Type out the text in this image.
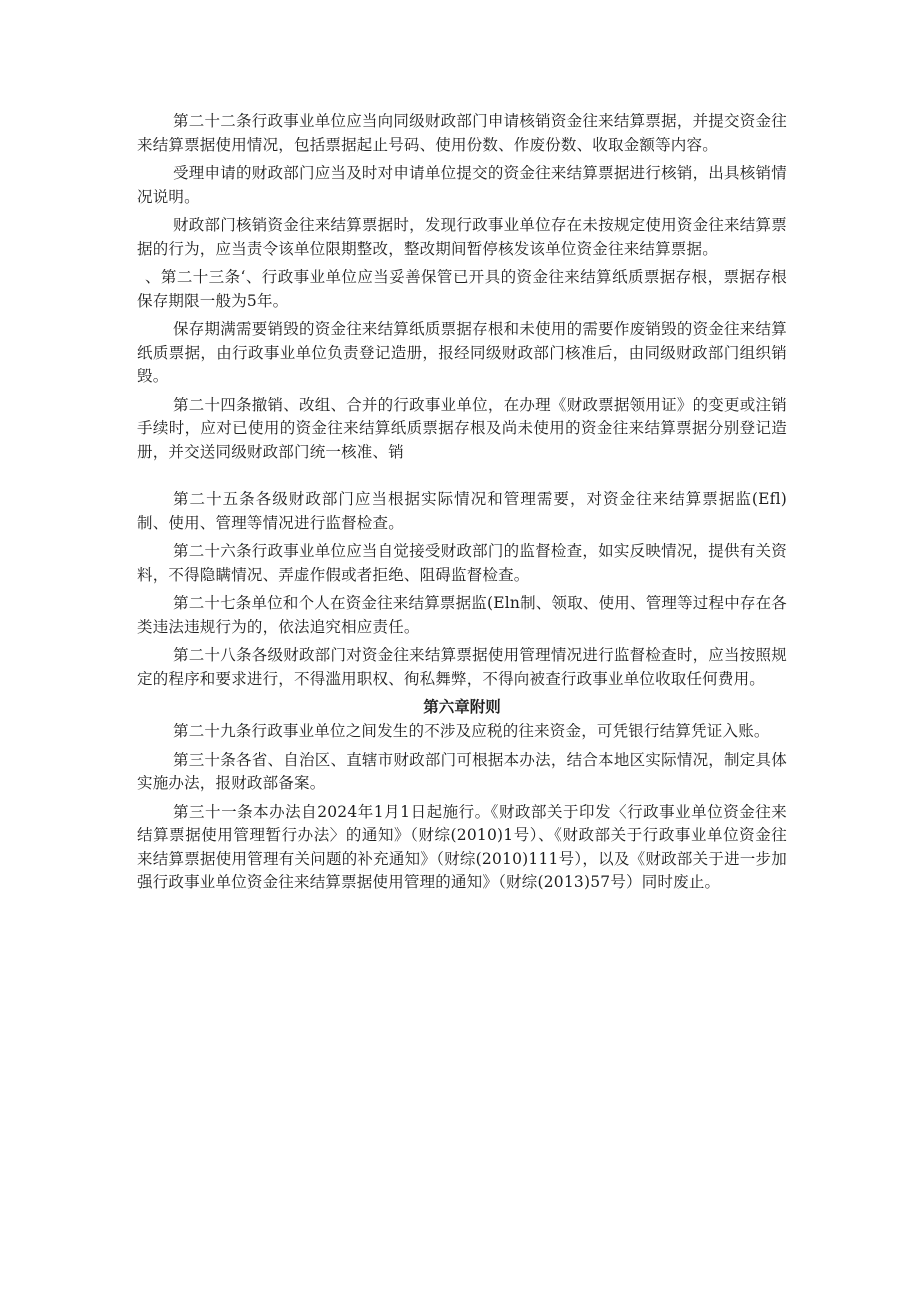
第二十二条行政事业单位应当向同级财政部门申请核销资金往来结算票据，并提交资金往来结算票据使用情况，包括票据起止号码、使用份数、作废份数、收取金额等内容。

受理申请的财政部门应当及时对申请单位提交的资金往来结算票据进行核销，出具核销情况说明。

财政部门核销资金往来结算票据时，发现行政事业单位存在未按规定使用资金往来结算票据的行为，应当责令该单位限期整改，整改期间暂停核发该单位资金往来结算票据。

、第二十三条‘、行政事业单位应当妥善保管已开具的资金往来结算纸质票据存根，票据存根保存期限一般为5年。

保存期满需要销毁的资金往来结算纸质票据存根和未使用的需要作废销毁的资金往来结算纸质票据，由行政事业单位负责登记造册，报经同级财政部门核准后，由同级财政部门组织销毁。

第二十四条撤销、改组、合并的行政事业单位，在办理《财政票据领用证》的变更或注销手续时，应对已使用的资金往来结算纸质票据存根及尚未使用的资金往来结算票据分别登记造册，并交送同级财政部门统一核准、销

第二十五条各级财政部门应当根据实际情况和管理需要，对资金往来结算票据监(Efl)制、使用、管理等情况进行监督检查。

第二十六条行政事业单位应当自觉接受财政部门的监督检查，如实反映情况，提供有关资料，不得隐瞒情况、弄虚作假或者拒绝、阻碍监督检查。

第二十七条单位和个人在资金往来结算票据监(Eln制、领取、使用、管理等过程中存在各类违法违规行为的，依法追究相应责任。

第二十八条各级财政部门对资金往来结算票据使用管理情况进行监督检查时，应当按照规定的程序和要求进行，不得滥用职权、徇私舞弊，不得向被查行政事业单位收取任何费用。

第六章附则

第二十九条行政事业单位之间发生的不涉及应税的往来资金，可凭银行结算凭证入账。

第三十条各省、自治区、直辖市财政部门可根据本办法，结合本地区实际情况，制定具体实施办法，报财政部备案。

第三十一条本办法自2024年1月1日起施行。《财政部关于印发〈行政事业单位资金往来结算票据使用管理暂行办法〉的通知》（财综(2010)1号）、《财政部关于行政事业单位资金往来结算票据使用管理有关问题的补充通知》（财综(2010)111号），以及《财政部关于进一步加强行政事业单位资金往来结算票据使用管理的通知》（财综(2013)57号）同时废止。
